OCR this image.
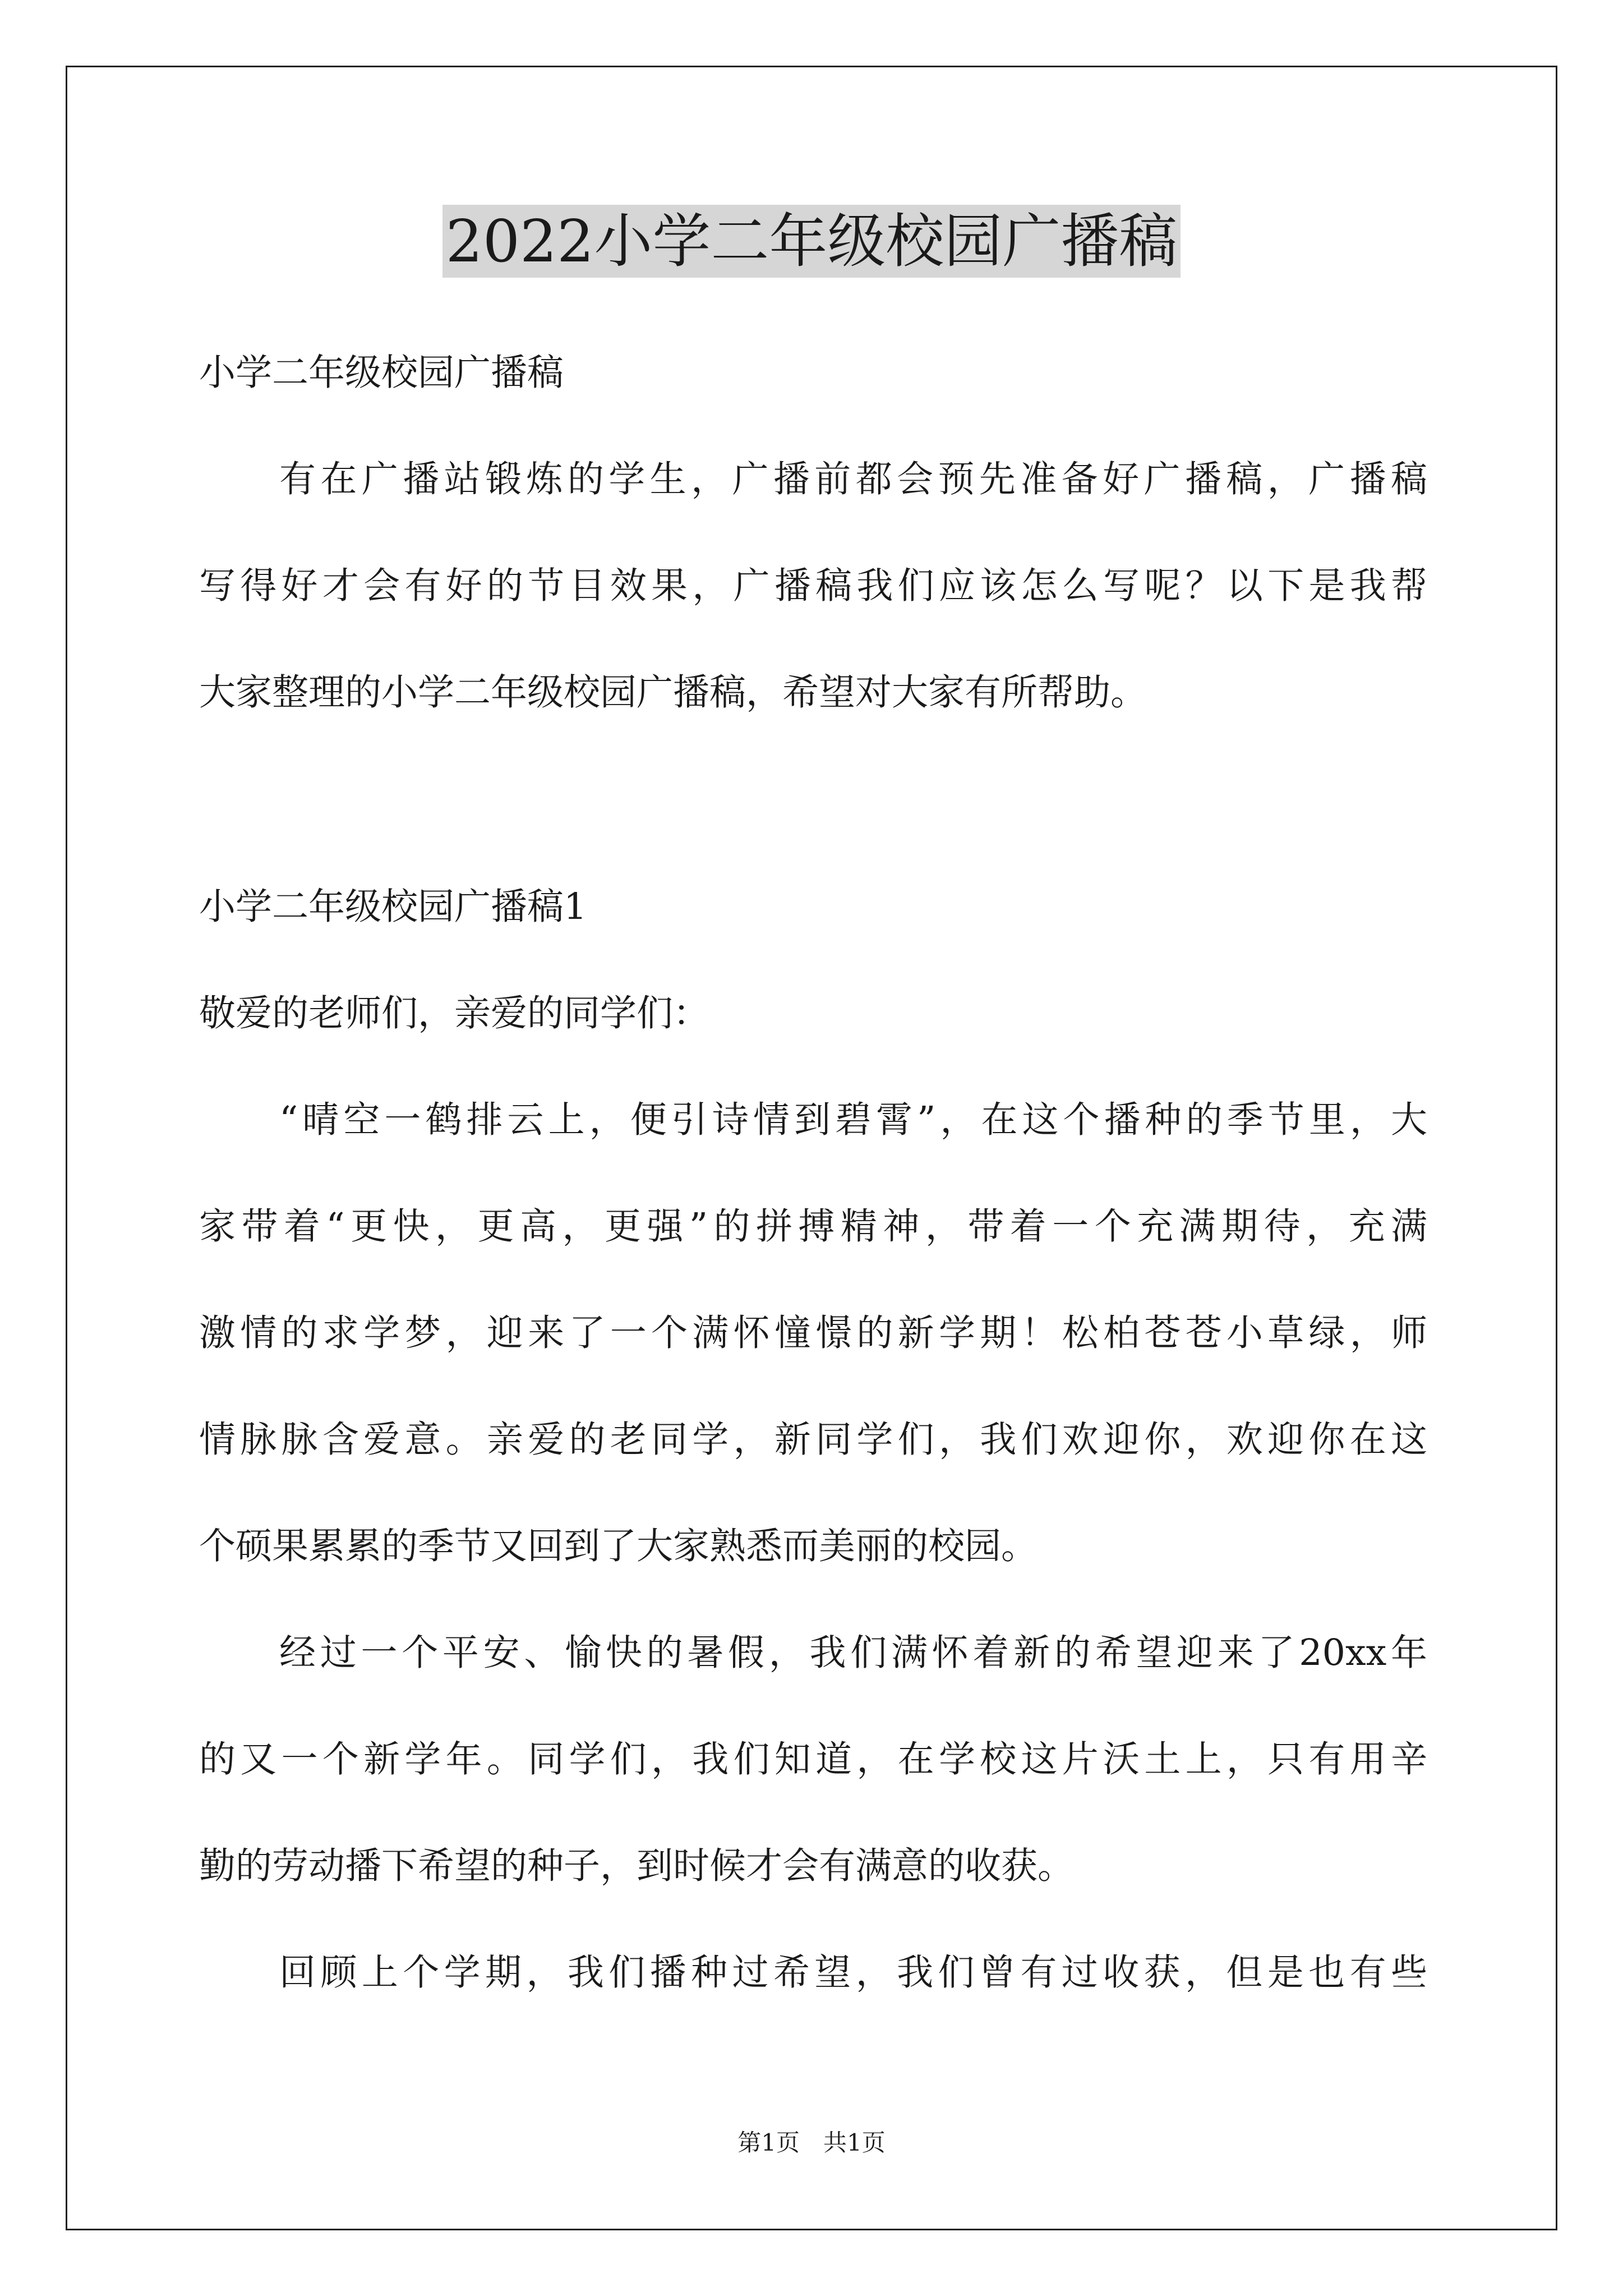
2022小学二年级校园广播稿

小学二年级校园广播稿

有在广播站锻炼的学生，广播前都会预先准备好广播稿，广播稿

写得好才会有好的节目效果，广播稿我们应该怎么写呢？以下是我帮

大家整理的小学二年级校园广播稿，希望对大家有所帮助。

小学二年级校园广播稿1

敬爱的老师们，亲爱的同学们：

“晴空一鹤排云上，便引诗情到碧霄”，在这个播种的季节里，大

家带着“更快，更高，更强”的拼搏精神，带着一个充满期待，充满

激情的求学梦，迎来了一个满怀憧憬的新学期！松柏苍苍小草绿，师

情脉脉含爱意。亲爱的老同学，新同学们，我们欢迎你，欢迎你在这

个硕果累累的季节又回到了大家熟悉而美丽的校园。

经过一个平安、愉快的暑假，我们满怀着新的希望迎来了20xx年

的又一个新学年。同学们，我们知道，在学校这片沃土上，只有用辛

勤的劳动播下希望的种子，到时候才会有满意的收获。

回顾上个学期，我们播种过希望，我们曾有过收获，但是也有些

第1页　共1页
